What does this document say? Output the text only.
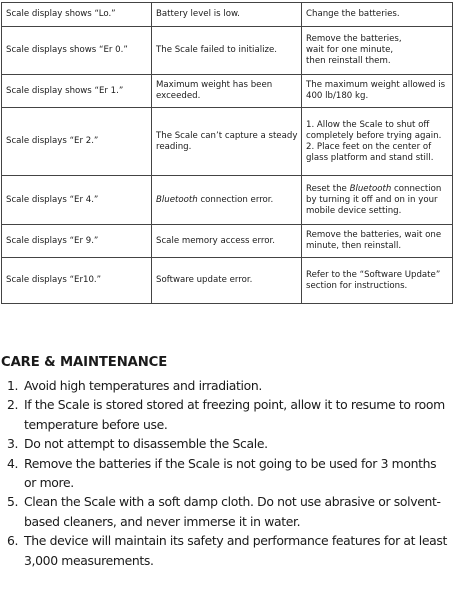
Scale display shows “Lo.”	Battery level is low.	Change the batteries.
Scale displays shows “Er 0.”	The Scale failed to initialize.	Remove the batteries,
wait for one minute,
then reinstall them.
Scale display shows “Er 1.”	Maximum weight has been exceeded.	The maximum weight allowed is 400 lb/180 kg.
Scale displays “Er 2.”	The Scale can’t capture a steady reading.	1. Allow the Scale to shut off completely before trying again.
2. Place feet on the center of glass platform and stand still.
Scale displays “Er 4.”	Bluetooth connection error.	Reset the Bluetooth connection by turning it off and on in your mobile device setting.
Scale displays “Er 9.”	Scale memory access error.	Remove the batteries, wait one minute, then reinstall.
Scale displays “Er10.”	Software update error.	Refer to the “Software Update” section for instructions.
CARE & MAINTENANCE
1. Avoid high temperatures and irradiation.
2. If the Scale is stored stored at freezing point, allow it to resume to room temperature before use.
3. Do not attempt to disassemble the Scale.
4. Remove the batteries if the Scale is not going to be used for 3 months or more.
5. Clean the Scale with a soft damp cloth. Do not use abrasive or solvent-based cleaners, and never immerse it in water.
6. The device will maintain its safety and performance features for at least 3,000 measurements.
